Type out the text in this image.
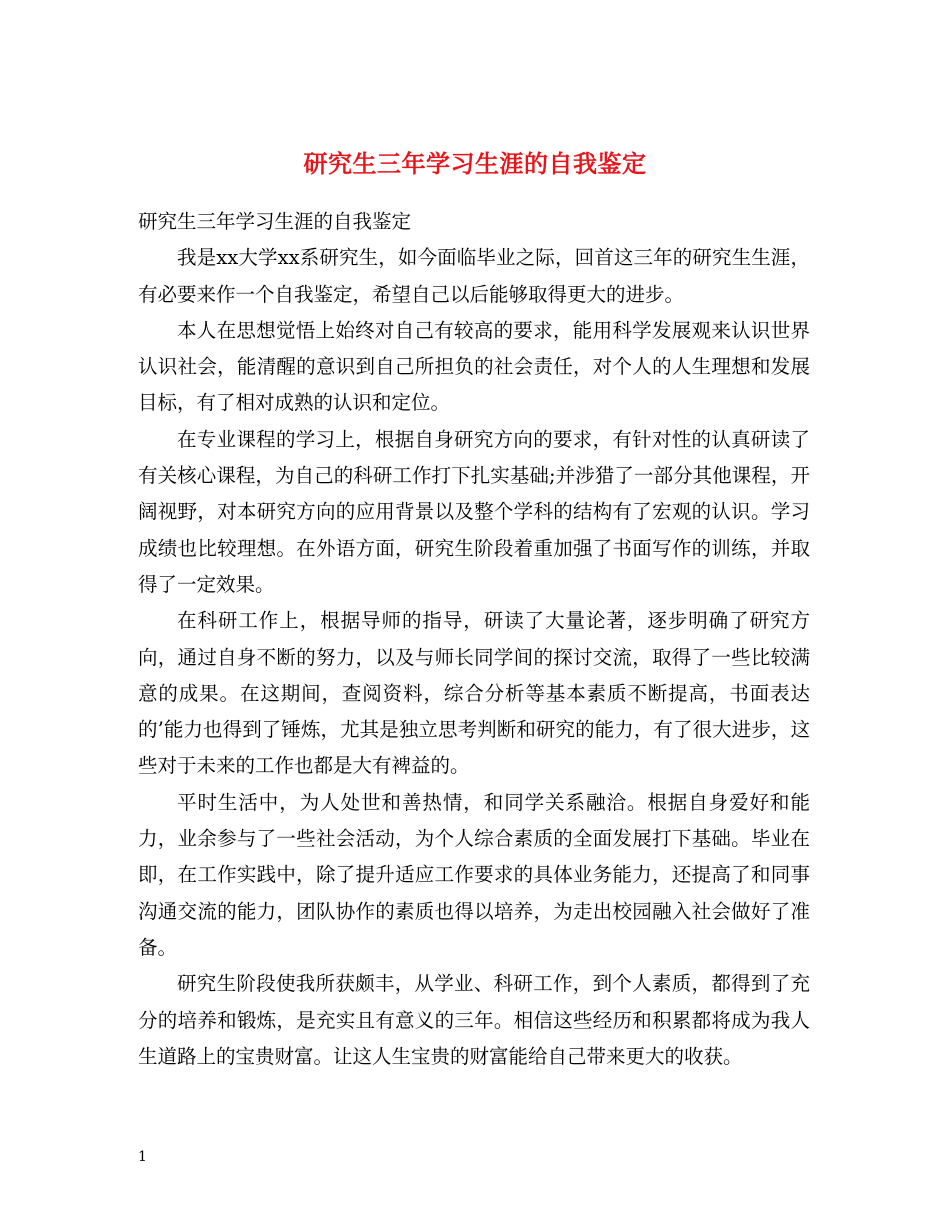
研究生三年学习生涯的自我鉴定

研究生三年学习生涯的自我鉴定

我是xx大学xx系研究生，如今面临毕业之际，回首这三年的研究生生涯，有必要来作一个自我鉴定，希望自己以后能够取得更大的进步。

本人在思想觉悟上始终对自己有较高的要求，能用科学发展观来认识世界认识社会，能清醒的意识到自己所担负的社会责任，对个人的人生理想和发展目标，有了相对成熟的认识和定位。

在专业课程的学习上，根据自身研究方向的要求，有针对性的认真研读了有关核心课程，为自己的科研工作打下扎实基础;并涉猎了一部分其他课程，开阔视野，对本研究方向的应用背景以及整个学科的结构有了宏观的认识。学习成绩也比较理想。在外语方面，研究生阶段着重加强了书面写作的训练，并取得了一定效果。

在科研工作上，根据导师的指导，研读了大量论著，逐步明确了研究方向，通过自身不断的努力，以及与师长同学间的探讨交流，取得了一些比较满意的成果。在这期间，查阅资料，综合分析等基本素质不断提高，书面表达的’能力也得到了锤炼，尤其是独立思考判断和研究的能力，有了很大进步，这些对于未来的工作也都是大有裨益的。

平时生活中，为人处世和善热情，和同学关系融洽。根据自身爱好和能力，业余参与了一些社会活动，为个人综合素质的全面发展打下基础。毕业在即，在工作实践中，除了提升适应工作要求的具体业务能力，还提高了和同事沟通交流的能力，团队协作的素质也得以培养，为走出校园融入社会做好了准备。

研究生阶段使我所获颇丰，从学业、科研工作，到个人素质，都得到了充分的培养和锻炼，是充实且有意义的三年。相信这些经历和积累都将成为我人生道路上的宝贵财富。让这人生宝贵的财富能给自己带来更大的收获。

1
